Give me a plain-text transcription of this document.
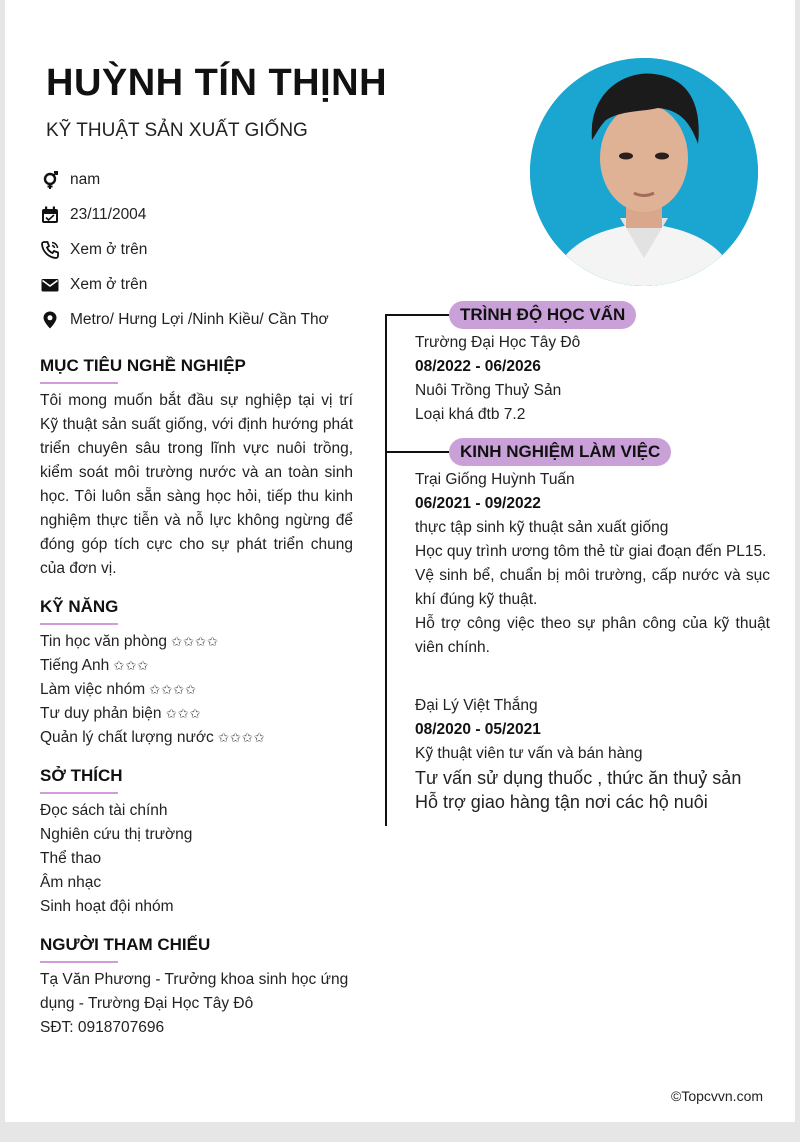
HUỲNH TÍN THỊNH
KỸ THUẬT SẢN XUẤT GIỐNG
nam
23/11/2004
Xem ở trên
Xem ở trên
Metro/ Hưng Lợi /Ninh Kiều/ Cần Thơ
MỤC TIÊU NGHỀ NGHIỆP
Tôi mong muốn bắt đầu sự nghiệp tại vị trí Kỹ thuật sản suất giống, với định hướng phát triển chuyên sâu trong lĩnh vực nuôi trồng, kiểm soát môi trường nước và an toàn sinh học. Tôi luôn sẵn sàng học hỏi, tiếp thu kinh nghiệm thực tiễn và nỗ lực không ngừng để đóng góp tích cực cho sự phát triển chung của đơn vị.
KỸ NĂNG
Tin học văn phòng ✩✩✩✩
Tiếng Anh ✩✩✩
Làm việc nhóm ✩✩✩✩
Tư duy phản biện ✩✩✩
Quản lý chất lượng nước ✩✩✩✩
SỞ THÍCH
Đọc sách tài chính
Nghiên cứu thị trường
Thể thao
Âm nhạc
Sinh hoạt đội nhóm
NGƯỜI THAM CHIẾU
Tạ Văn Phương - Trưởng khoa sinh học ứng dụng - Trường Đại Học Tây Đô
SĐT: 0918707696
TRÌNH ĐỘ HỌC VẤN
Trường Đại Học Tây Đô
08/2022 - 06/2026
Nuôi Trồng Thuỷ Sản
Loại khá đtb 7.2
KINH NGHIỆM LÀM VIỆC
Trại Giống Huỳnh Tuấn
06/2021 - 09/2022
thực tập sinh kỹ thuật sản xuất giống
Học quy trình ương tôm thẻ từ giai đoạn đến PL15.
Vệ sinh bể, chuẩn bị môi trường, cấp nước và sục khí đúng kỹ thuật.
Hỗ trợ công việc theo sự phân công của kỹ thuật viên chính.
Đại Lý Việt Thắng
08/2020 - 05/2021
Kỹ thuật viên tư vấn và bán hàng
Tư vấn sử dụng thuốc , thức ăn thuỷ sản
Hỗ trợ giao hàng tận nơi các hộ nuôi
©Topcvvn.com
